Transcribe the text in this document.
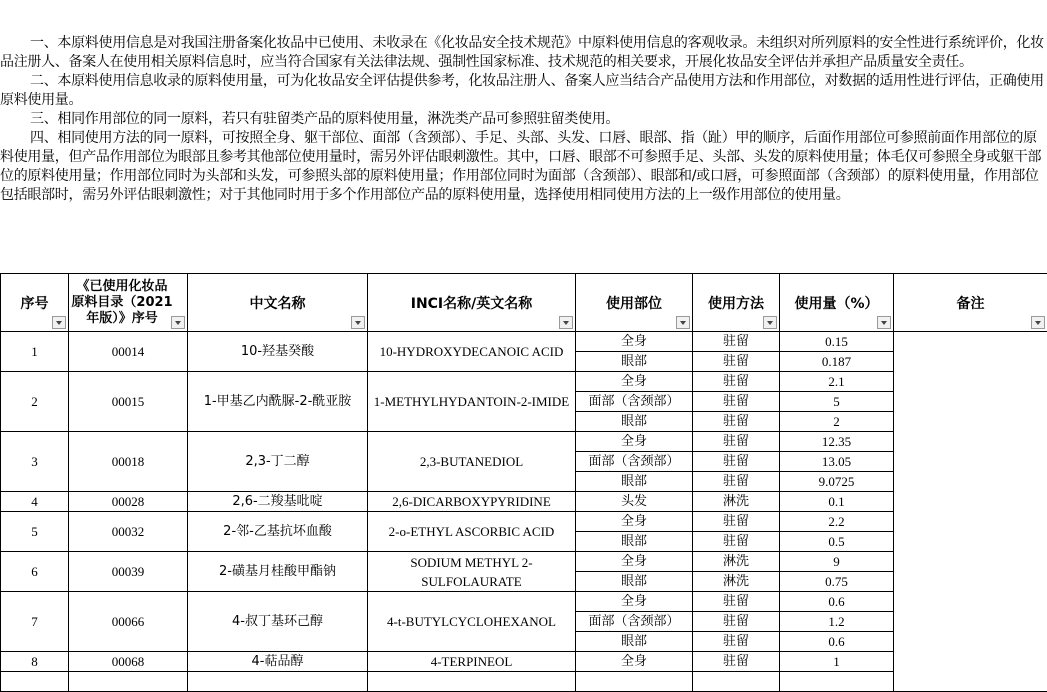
一、本原料使用信息是对我国注册备案化妆品中已使用、未收录在《化妆品安全技术规范》中原料使用信息的客观收录。未组织对所列原料的安全性进行系统评价，化妆品注册人、备案人在使用相关原料信息时，应当符合国家有关法律法规、强制性国家标准、技术规范的相关要求，开展化妆品安全评估并承担产品质量安全责任。

二、本原料使用信息收录的原料使用量，可为化妆品安全评估提供参考，化妆品注册人、备案人应当结合产品使用方法和作用部位，对数据的适用性进行评估，正确使用原料使用量。

三、相同作用部位的同一原料，若只有驻留类产品的原料使用量，淋洗类产品可参照驻留类使用。

四、相同使用方法的同一原料，可按照全身、躯干部位、面部（含颈部）、手足、头部、头发、口唇、眼部、指（趾）甲的顺序，后面作用部位可参照前面作用部位的原料使用量，但产品作用部位为眼部且参考其他部位使用量时，需另外评估眼刺激性。其中，口唇、眼部不可参照手足、头部、头发的原料使用量；体毛仅可参照全身或躯干部位的原料使用量；作用部位同时为头部和头发，可参照头部的原料使用量；作用部位同时为面部（含颈部）、眼部和/或口唇，可参照面部（含颈部）的原料使用量，作用部位包括眼部时，需另外评估眼刺激性；对于其他同时用于多个作用部位产品的原料使用量，选择使用相同使用方法的上一级作用部位的使用量。

序号	《已使用化妆品原料目录（2021年版）》序号	中文名称	INCI名称/英文名称	使用部位	使用方法	使用量（%）	备注

1	00014	10-羟基癸酸	10-HYDROXYDECANOIC ACID	全身	驻留	0.15	
				眼部	驻留	0.187	
2	00015	1-甲基乙内酰脲-2-酰亚胺	1-METHYLHYDANTOIN-2-IMIDE	全身	驻留	2.1	
				面部（含颈部）	驻留	5	
				眼部	驻留	2	
3	00018	2,3-丁二醇	2,3-BUTANEDIOL	全身	驻留	12.35	
				面部（含颈部）	驻留	13.05	
				眼部	驻留	9.0725	
4	00028	2,6-二羧基吡啶	2,6-DICARBOXYPYRIDINE	头发	淋洗	0.1	
5	00032	2-邻-乙基抗坏血酸	2-o-ETHYL ASCORBIC ACID	全身	驻留	2.2	
				眼部	驻留	0.5	
6	00039	2-磺基月桂酸甲酯钠	SODIUM METHYL 2-SULFOLAURATE	全身	淋洗	9	
				眼部	淋洗	0.75	
7	00066	4-叔丁基环己醇	4-t-BUTYLCYCLOHEXANOL	全身	驻留	0.6	
				面部（含颈部）	驻留	1.2	
				眼部	驻留	0.6	
8	00068	4-萜品醇	4-TERPINEOL	全身	驻留	1	
